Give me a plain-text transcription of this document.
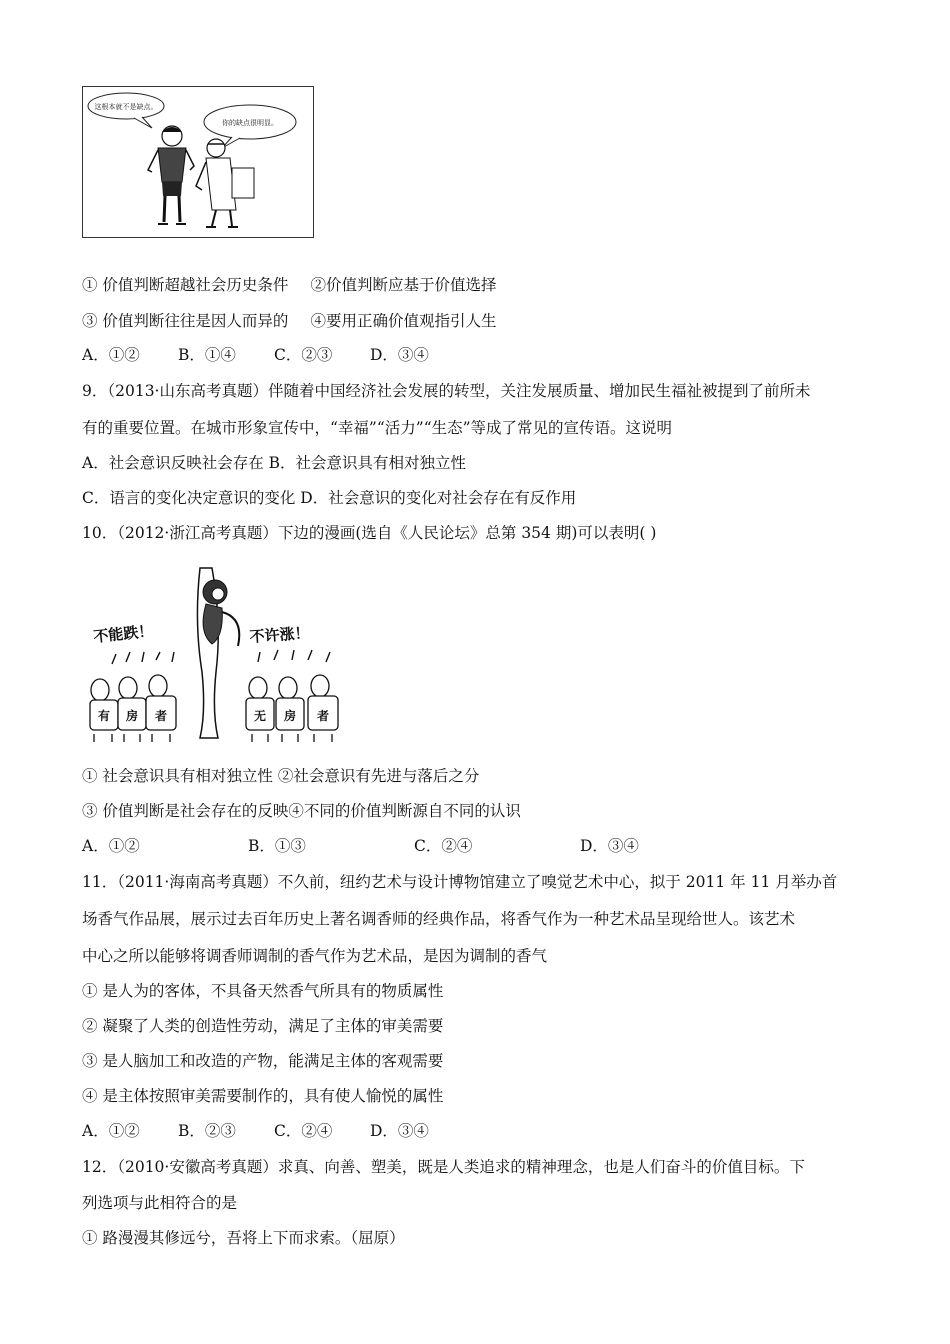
这根本就不是缺点。
你的缺点很明显。
① 价值判断超越社会历史条件 ②价值判断应基于价值选择
③ 价值判断往往是因人而异的 ④要用正确价值观指引人生
A．①② B．①④ C．②③ D．③④
9．（2013·山东高考真题）伴随着中国经济社会发展的转型，关注发展质量、增加民生福祉被提到了前所未
有的重要位置。在城市形象宣传中，“幸福”“活力”“生态”等成了常见的宣传语。这说明
A．社会意识反映社会存在 B．社会意识具有相对独立性
C．语言的变化决定意识的变化 D．社会意识的变化对社会存在有反作用
10．（2012·浙江高考真题）下边的漫画(选自《人民论坛》总第 354 期)可以表明( )
不能跌！	不许涨！
有 房 者	无 房 者
① 社会意识具有相对独立性 ②社会意识有先进与落后之分
③ 价值判断是社会存在的反映④不同的价值判断源自不同的认识
A．①②	B．①③	C．②④	D．③④
11．（2011·海南高考真题）不久前，纽约艺术与设计博物馆建立了嗅觉艺术中心，拟于 2011 年 11 月举办首
场香气作品展，展示过去百年历史上著名调香师的经典作品，将香气作为一种艺术品呈现给世人。该艺术
中心之所以能够将调香师调制的香气作为艺术品，是因为调制的香气
① 是人为的客体，不具备天然香气所具有的物质属性
② 凝聚了人类的创造性劳动，满足了主体的审美需要
③ 是人脑加工和改造的产物，能满足主体的客观需要
④ 是主体按照审美需要制作的，具有使人愉悦的属性
A．①② B．②③ C．②④ D．③④
12．（2010·安徽高考真题）求真、向善、塑美，既是人类追求的精神理念，也是人们奋斗的价值目标。下
列选项与此相符合的是
① 路漫漫其修远兮，吾将上下而求索。（屈原）
